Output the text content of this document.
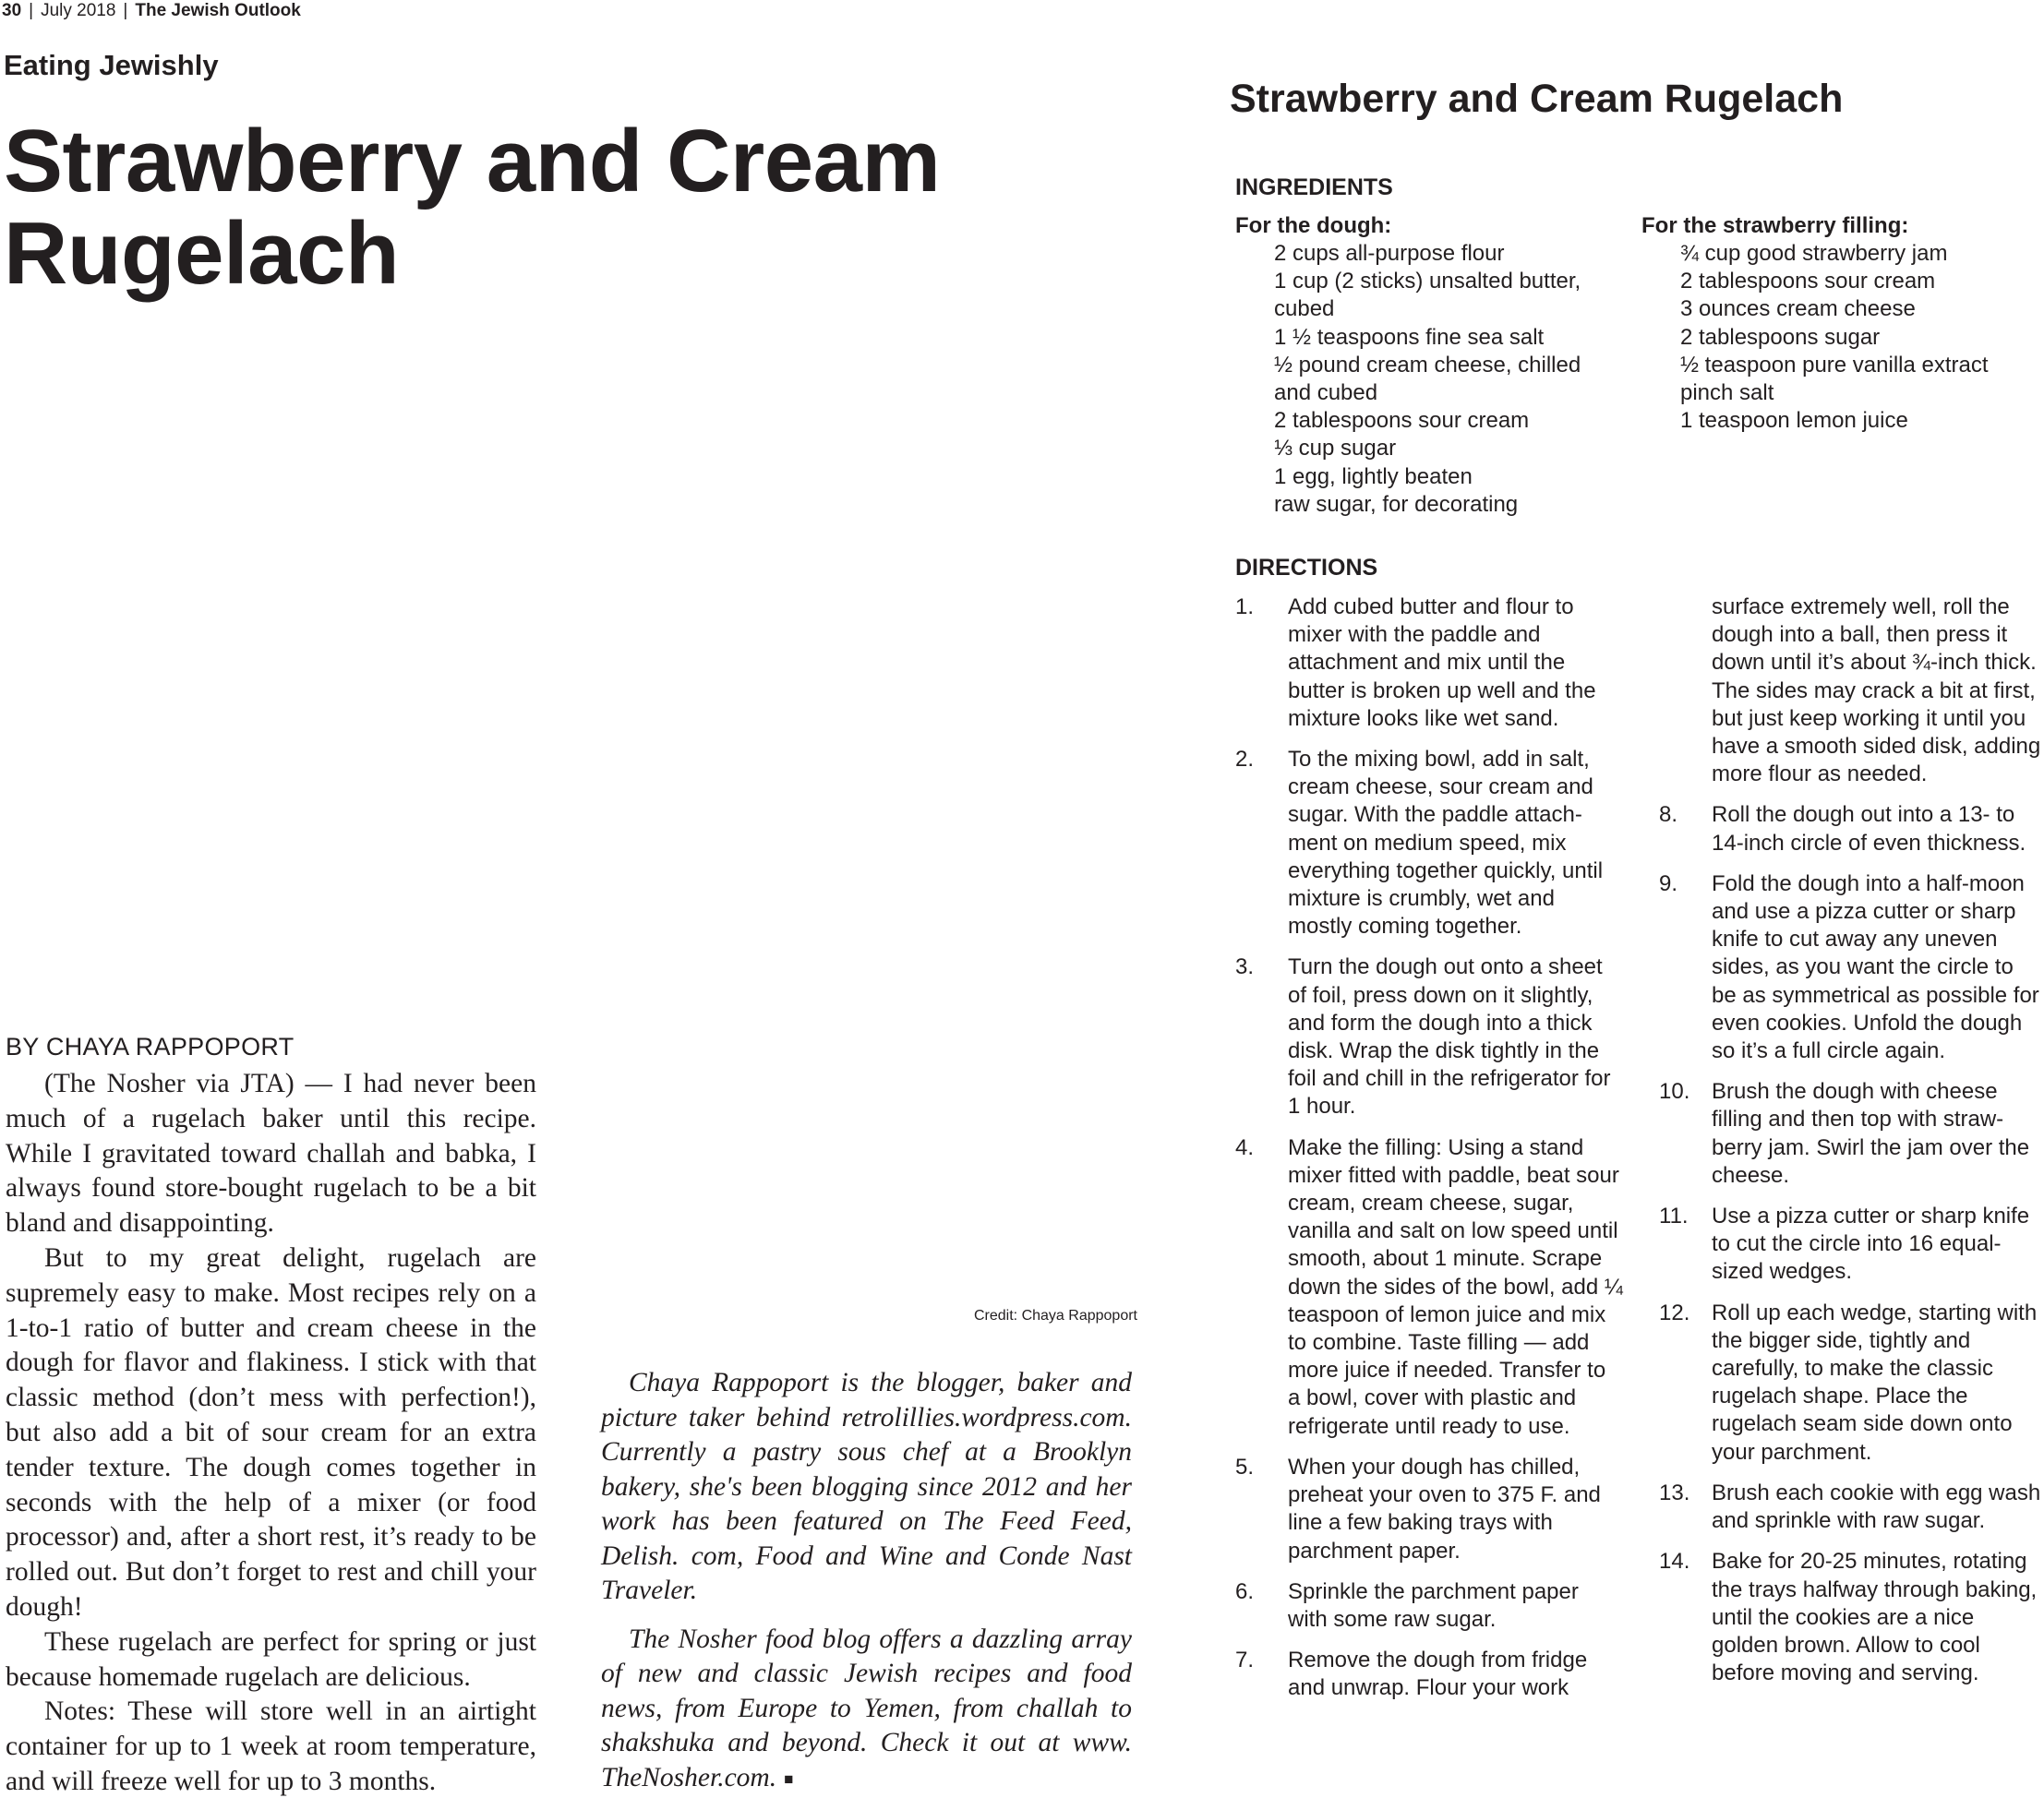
30 | July 2018 | The Jewish Outlook
Eating Jewishly
Strawberry and Cream
Rugelach
BY CHAYA RAPPOPORT

(The Nosher via JTA) — I had never been much of a rugelach baker until this recipe. While I gravitated toward challah and babka, I always found store-bought rugelach to be a bit bland and disappointing.

But to my great delight, rugelach are supremely easy to make. Most recipes rely on a 1-to-1 ratio of butter and cream cheese in the dough for flavor and flakiness. I stick with that classic method (don’t mess with perfection!), but also add a bit of sour cream for an extra tender texture. The dough comes together in seconds with the help of a mixer (or food processor) and, after a short rest, it’s ready to be rolled out. But don’t forget to rest and chill your dough!

These rugelach are perfect for spring or just because homemade rugelach are delicious.

Notes: These will store well in an airtight container for up to 1 week at room temperature, and will freeze well for up to 3 months.

Credit: Chaya Rappoport

Chaya Rappoport is the blogger, baker and picture taker behind retrolillies.wordpress.com. Currently a pastry sous chef at a Brooklyn bakery, she's been blogging since 2012 and her work has been featured on The Feed Feed, Delish. com, Food and Wine and Conde Nast Traveler.

The Nosher food blog offers a dazzling array of new and classic Jewish recipes and food news, from Europe to Yemen, from challah to shakshuka and beyond. Check it out at www. TheNosher.com. ■

Strawberry and Cream Rugelach
INGREDIENTS
For the dough:
2 cups all-purpose flour
1 cup (2 sticks) unsalted butter, cubed
1 ½ teaspoons fine sea salt
½ pound cream cheese, chilled and cubed
2 tablespoons sour cream
⅓ cup sugar
1 egg, lightly beaten
raw sugar, for decorating
For the strawberry filling:
¾ cup good strawberry jam
2 tablespoons sour cream
3 ounces cream cheese
2 tablespoons sugar
½ teaspoon pure vanilla extract
pinch salt
1 teaspoon lemon juice
DIRECTIONS
1. Add cubed butter and flour to mixer with the paddle and attachment and mix until the butter is broken up well and the mixture looks like wet sand.
2. To the mixing bowl, add in salt, cream cheese, sour cream and sugar. With the paddle attach-ment on medium speed, mix everything together quickly, until mixture is crumbly, wet and mostly coming together.
3. Turn the dough out onto a sheet of foil, press down on it slightly, and form the dough into a thick disk. Wrap the disk tightly in the foil and chill in the refrigerator for 1 hour.
4. Make the filling: Using a stand mixer fitted with paddle, beat sour cream, cream cheese, sugar, vanilla and salt on low speed until smooth, about 1 minute. Scrape down the sides of the bowl, add ¼ teaspoon of lemon juice and mix to combine. Taste filling — add more juice if needed. Transfer to a bowl, cover with plastic and refrigerate until ready to use.
5. When your dough has chilled, preheat your oven to 375 F. and line a few baking trays with parchment paper.
6. Sprinkle the parchment paper with some raw sugar.
7. Remove the dough from fridge and unwrap. Flour your work
surface extremely well, roll the dough into a ball, then press it down until it’s about ¾-inch thick. The sides may crack a bit at first, but just keep working it until you have a smooth sided disk, adding more flour as needed.
8. Roll the dough out into a 13- to 14-inch circle of even thickness.
9. Fold the dough into a half-moon and use a pizza cutter or sharp knife to cut away any uneven sides, as you want the circle to be as symmetrical as possible for even cookies. Unfold the dough so it’s a full circle again.
10. Brush the dough with cheese filling and then top with straw-berry jam. Swirl the jam over the cheese.
11. Use a pizza cutter or sharp knife to cut the circle into 16 equal-sized wedges.
12. Roll up each wedge, starting with the bigger side, tightly and carefully, to make the classic rugelach shape. Place the rugelach seam side down onto your parchment.
13. Brush each cookie with egg wash and sprinkle with raw sugar.
14. Bake for 20-25 minutes, rotating the trays halfway through baking, until the cookies are a nice golden brown. Allow to cool before moving and serving.
